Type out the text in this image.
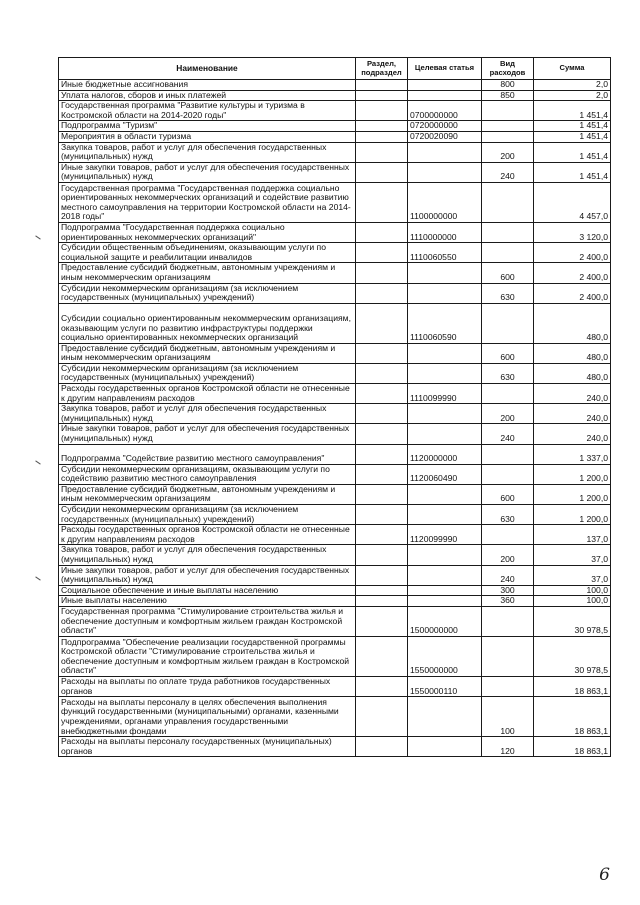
Наименование	Раздел, подраздел	Целевая статья	Вид расходов	Сумма
Иные бюджетные ассигнования			800	2,0
Уплата налогов, сборов и иных платежей			850	2,0
Государственная программа "Развитие культуры и туризма в Костромской области на 2014-2020 годы"		0700000000		1 451,4
Подпрограмма "Туризм"		0720000000		1 451,4
Мероприятия в области туризма		0720020090		1 451,4
Закупка товаров, работ и услуг для обеспечения государственных (муниципальных) нужд			200	1 451,4
Иные закупки товаров, работ и услуг для обеспечения государственных (муниципальных) нужд			240	1 451,4
Государственная программа "Государственная поддержка социально ориентированных некоммерческих организаций и содействие развитию местного самоуправления на территории Костромской области на 2014-2018 годы"		1100000000		4 457,0
Подпрограмма "Государственная поддержка социально ориентированных некоммерческих организаций"		1110000000		3 120,0
Субсидии общественным объединениям, оказывающим услуги по социальной защите и реабилитации инвалидов		1110060550		2 400,0
Предоставление субсидий бюджетным, автономным учреждениям и иным некоммерческим организациям			600	2 400,0
Субсидии некоммерческим организациям (за исключением государственных (муниципальных) учреждений)			630	2 400,0
Субсидии социально ориентированным некоммерческим организациям, оказывающим услуги по развитию инфраструктуры поддержки социально ориентированных некоммерческих организаций		1110060590		480,0
Предоставление субсидий бюджетным, автономным учреждениям и иным некоммерческим организациям			600	480,0
Субсидии некоммерческим организациям (за исключением государственных (муниципальных) учреждений)			630	480,0
Расходы государственных органов Костромской области не отнесенные к другим направлениям расходов		1110099990		240,0
Закупка товаров, работ и услуг для обеспечения государственных (муниципальных) нужд			200	240,0
Иные закупки товаров, работ и услуг для обеспечения государственных (муниципальных) нужд			240	240,0
Подпрограмма "Содействие развитию местного самоуправления"		1120000000		1 337,0
Субсидии некоммерческим организациям, оказывающим услуги по содействию развитию местного самоуправления		1120060490		1 200,0
Предоставление субсидий бюджетным, автономным учреждениям и иным некоммерческим организациям			600	1 200,0
Субсидии некоммерческим организациям (за исключением государственных (муниципальных) учреждений)			630	1 200,0
Расходы государственных органов Костромской области не отнесенные к другим направлениям расходов		1120099990		137,0
Закупка товаров, работ и услуг для обеспечения государственных (муниципальных) нужд			200	37,0
Иные закупки товаров, работ и услуг для обеспечения государственных (муниципальных) нужд			240	37,0
Социальное обеспечение и иные выплаты населению			300	100,0
Иные выплаты населению			360	100,0
Государственная программа "Стимулирование строительства жилья и обеспечение доступным и комфортным жильем граждан Костромской области"		1500000000		30 978,5
Подпрограмма "Обеспечение реализации государственной программы Костромской области "Стимулирование строительства жилья и обеспечение доступным и комфортным жильем граждан в Костромской области"		1550000000		30 978,5
Расходы на выплаты по оплате труда работников государственных органов		1550000110		18 863,1
Расходы на выплаты персоналу в целях обеспечения выполнения функций государственными (муниципальными) органами, казенными учреждениями, органами управления государственными внебюджетными фондами			100	18 863,1
Расходы на выплаты персоналу государственных (муниципальных) органов			120	18 863,1
6
